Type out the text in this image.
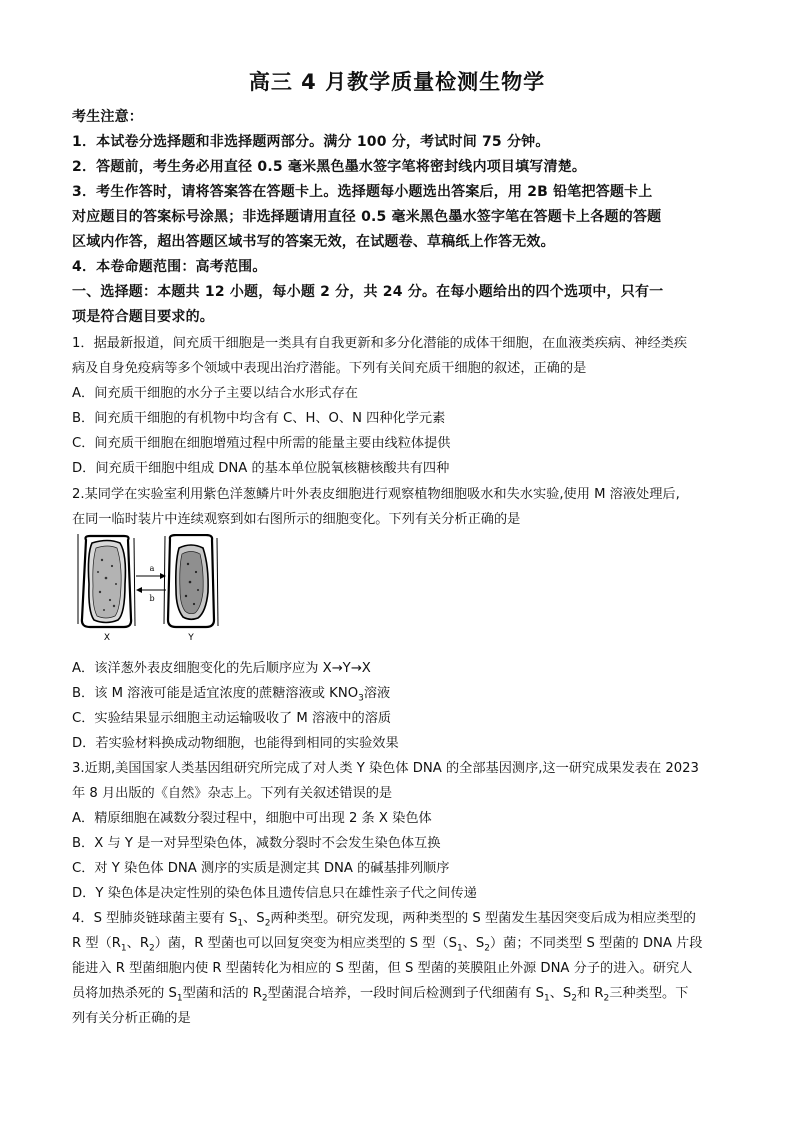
高三 4 月教学质量检测生物学
考生注意：
1．本试卷分选择题和非选择题两部分。满分 100 分，考试时间 75 分钟。
2．答题前，考生务必用直径 0.5 毫米黑色墨水签字笔将密封线内项目填写清楚。
3．考生作答时，请将答案答在答题卡上。选择题每小题选出答案后，用 2B 铅笔把答题卡上
对应题目的答案标号涂黑；非选择题请用直径 0.5 毫米黑色墨水签字笔在答题卡上各题的答题
区域内作答，超出答题区域书写的答案无效，在试题卷、草稿纸上作答无效。
4．本卷命题范围：高考范围。
一、选择题：本题共 12 小题，每小题 2 分，共 24 分。在每小题给出的四个选项中，只有一
项是符合题目要求的。
1．据最新报道，间充质干细胞是一类具有自我更新和多分化潜能的成体干细胞，在血液类疾病、神经类疾
病及自身免疫病等多个领域中表现出治疗潜能。下列有关间充质干细胞的叙述，正确的是
A．间充质干细胞的水分子主要以结合水形式存在
B．间充质干细胞的有机物中均含有 C、H、O、N 四种化学元素
C．间充质干细胞在细胞增殖过程中所需的能量主要由线粒体提供
D．间充质干细胞中组成 DNA 的基本单位脱氧核糖核酸共有四种
2.某同学在实验室利用紫色洋葱鳞片叶外表皮细胞进行观察植物细胞吸水和失水实验,使用 M 溶液处理后,
在同一临时装片中连续观察到如右图所示的细胞变化。下列有关分析正确的是
a
b
X	Y
A．该洋葱外表皮细胞变化的先后顺序应为 X→Y→X
B．该 M 溶液可能是适宜浓度的蔗糖溶液或 $KNO_3$溶液
C．实验结果显示细胞主动运输吸收了 M 溶液中的溶质
D．若实验材料换成动物细胞，也能得到相同的实验效果
3.近期,美国国家人类基因组研究所完成了对人类 Y 染色体 DNA 的全部基因测序,这一研究成果发表在 2023
年 8 月出版的《自然》杂志上。下列有关叙述错误的是
A．精原细胞在减数分裂过程中，细胞中可出现 2 条 X 染色体
B．X 与 Y 是一对异型染色体，减数分裂时不会发生染色体互换
C．对 Y 染色体 DNA 测序的实质是测定其 DNA 的碱基排列顺序
D．Y 染色体是决定性别的染色体且遗传信息只在雄性亲子代之间传递
4．S 型肺炎链球菌主要有 $S_1$、$S_2$两种类型。研究发现，两种类型的 S 型菌发生基因突变后成为相应类型的
R 型（$R_1$、$R_2$）菌，R 型菌也可以回复突变为相应类型的 S 型（$S_1$、$S_2$）菌；不同类型 S 型菌的 DNA 片段
能进入 R 型菌细胞内使 R 型菌转化为相应的 S 型菌，但 S 型菌的荚膜阻止外源 DNA 分子的进入。研究人
员将加热杀死的 $S_1$型菌和活的 $R_2$型菌混合培养，一段时间后检测到子代细菌有 $S_1$、$S_2$和 $R_2$三种类型。下
列有关分析正确的是
